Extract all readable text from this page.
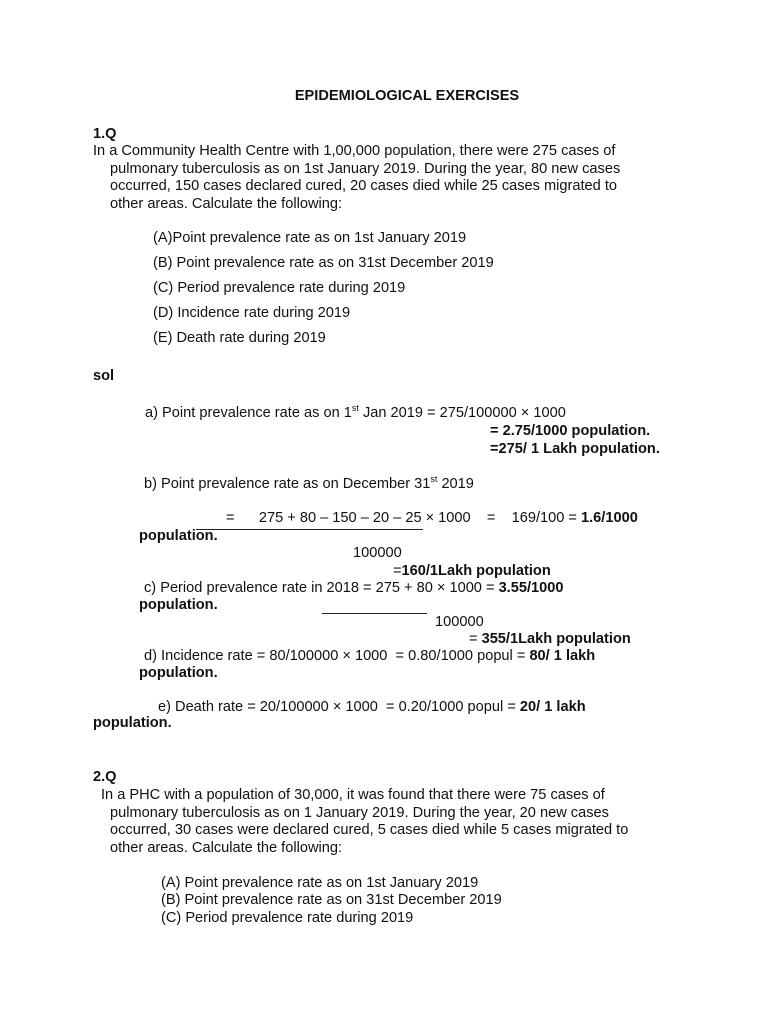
EPIDEMIOLOGICAL EXERCISES
1.Q
In a Community Health Centre with 1,00,000 population, there were 275 cases of
pulmonary tuberculosis as on 1st January 2019. During the year, 80 new cases
occurred, 150 cases declared cured, 20 cases died while 25 cases migrated to
other areas. Calculate the following:
(A)Point prevalence rate as on 1st January 2019
(B) Point prevalence rate as on 31st December 2019
(C) Period prevalence rate during 2019
(D) Incidence rate during 2019
(E) Death rate during 2019
sol
a) Point prevalence rate as on 1st Jan 2019 = 275/100000 × 1000
= 2.75/1000 population.
=275/ 1 Lakh population.
b) Point prevalence rate as on December 31st 2019
=      275 + 80 – 150 – 20 – 25 × 1000    =    169/100 = 1.6/1000
population.
100000
=160/1Lakh population
c) Period prevalence rate in 2018 = 275 + 80 × 1000 = 3.55/1000
population.
100000
= 355/1Lakh population
d) Incidence rate = 80/100000 × 1000  = 0.80/1000 popul = 80/ 1 lakh
population.
e) Death rate = 20/100000 × 1000  = 0.20/1000 popul = 20/ 1 lakh
population.
2.Q
In a PHC with a population of 30,000, it was found that there were 75 cases of
pulmonary tuberculosis as on 1 January 2019. During the year, 20 new cases
occurred, 30 cases were declared cured, 5 cases died while 5 cases migrated to
other areas. Calculate the following:
(A) Point prevalence rate as on 1st January 2019
(B) Point prevalence rate as on 31st December 2019
(C) Period prevalence rate during 2019
